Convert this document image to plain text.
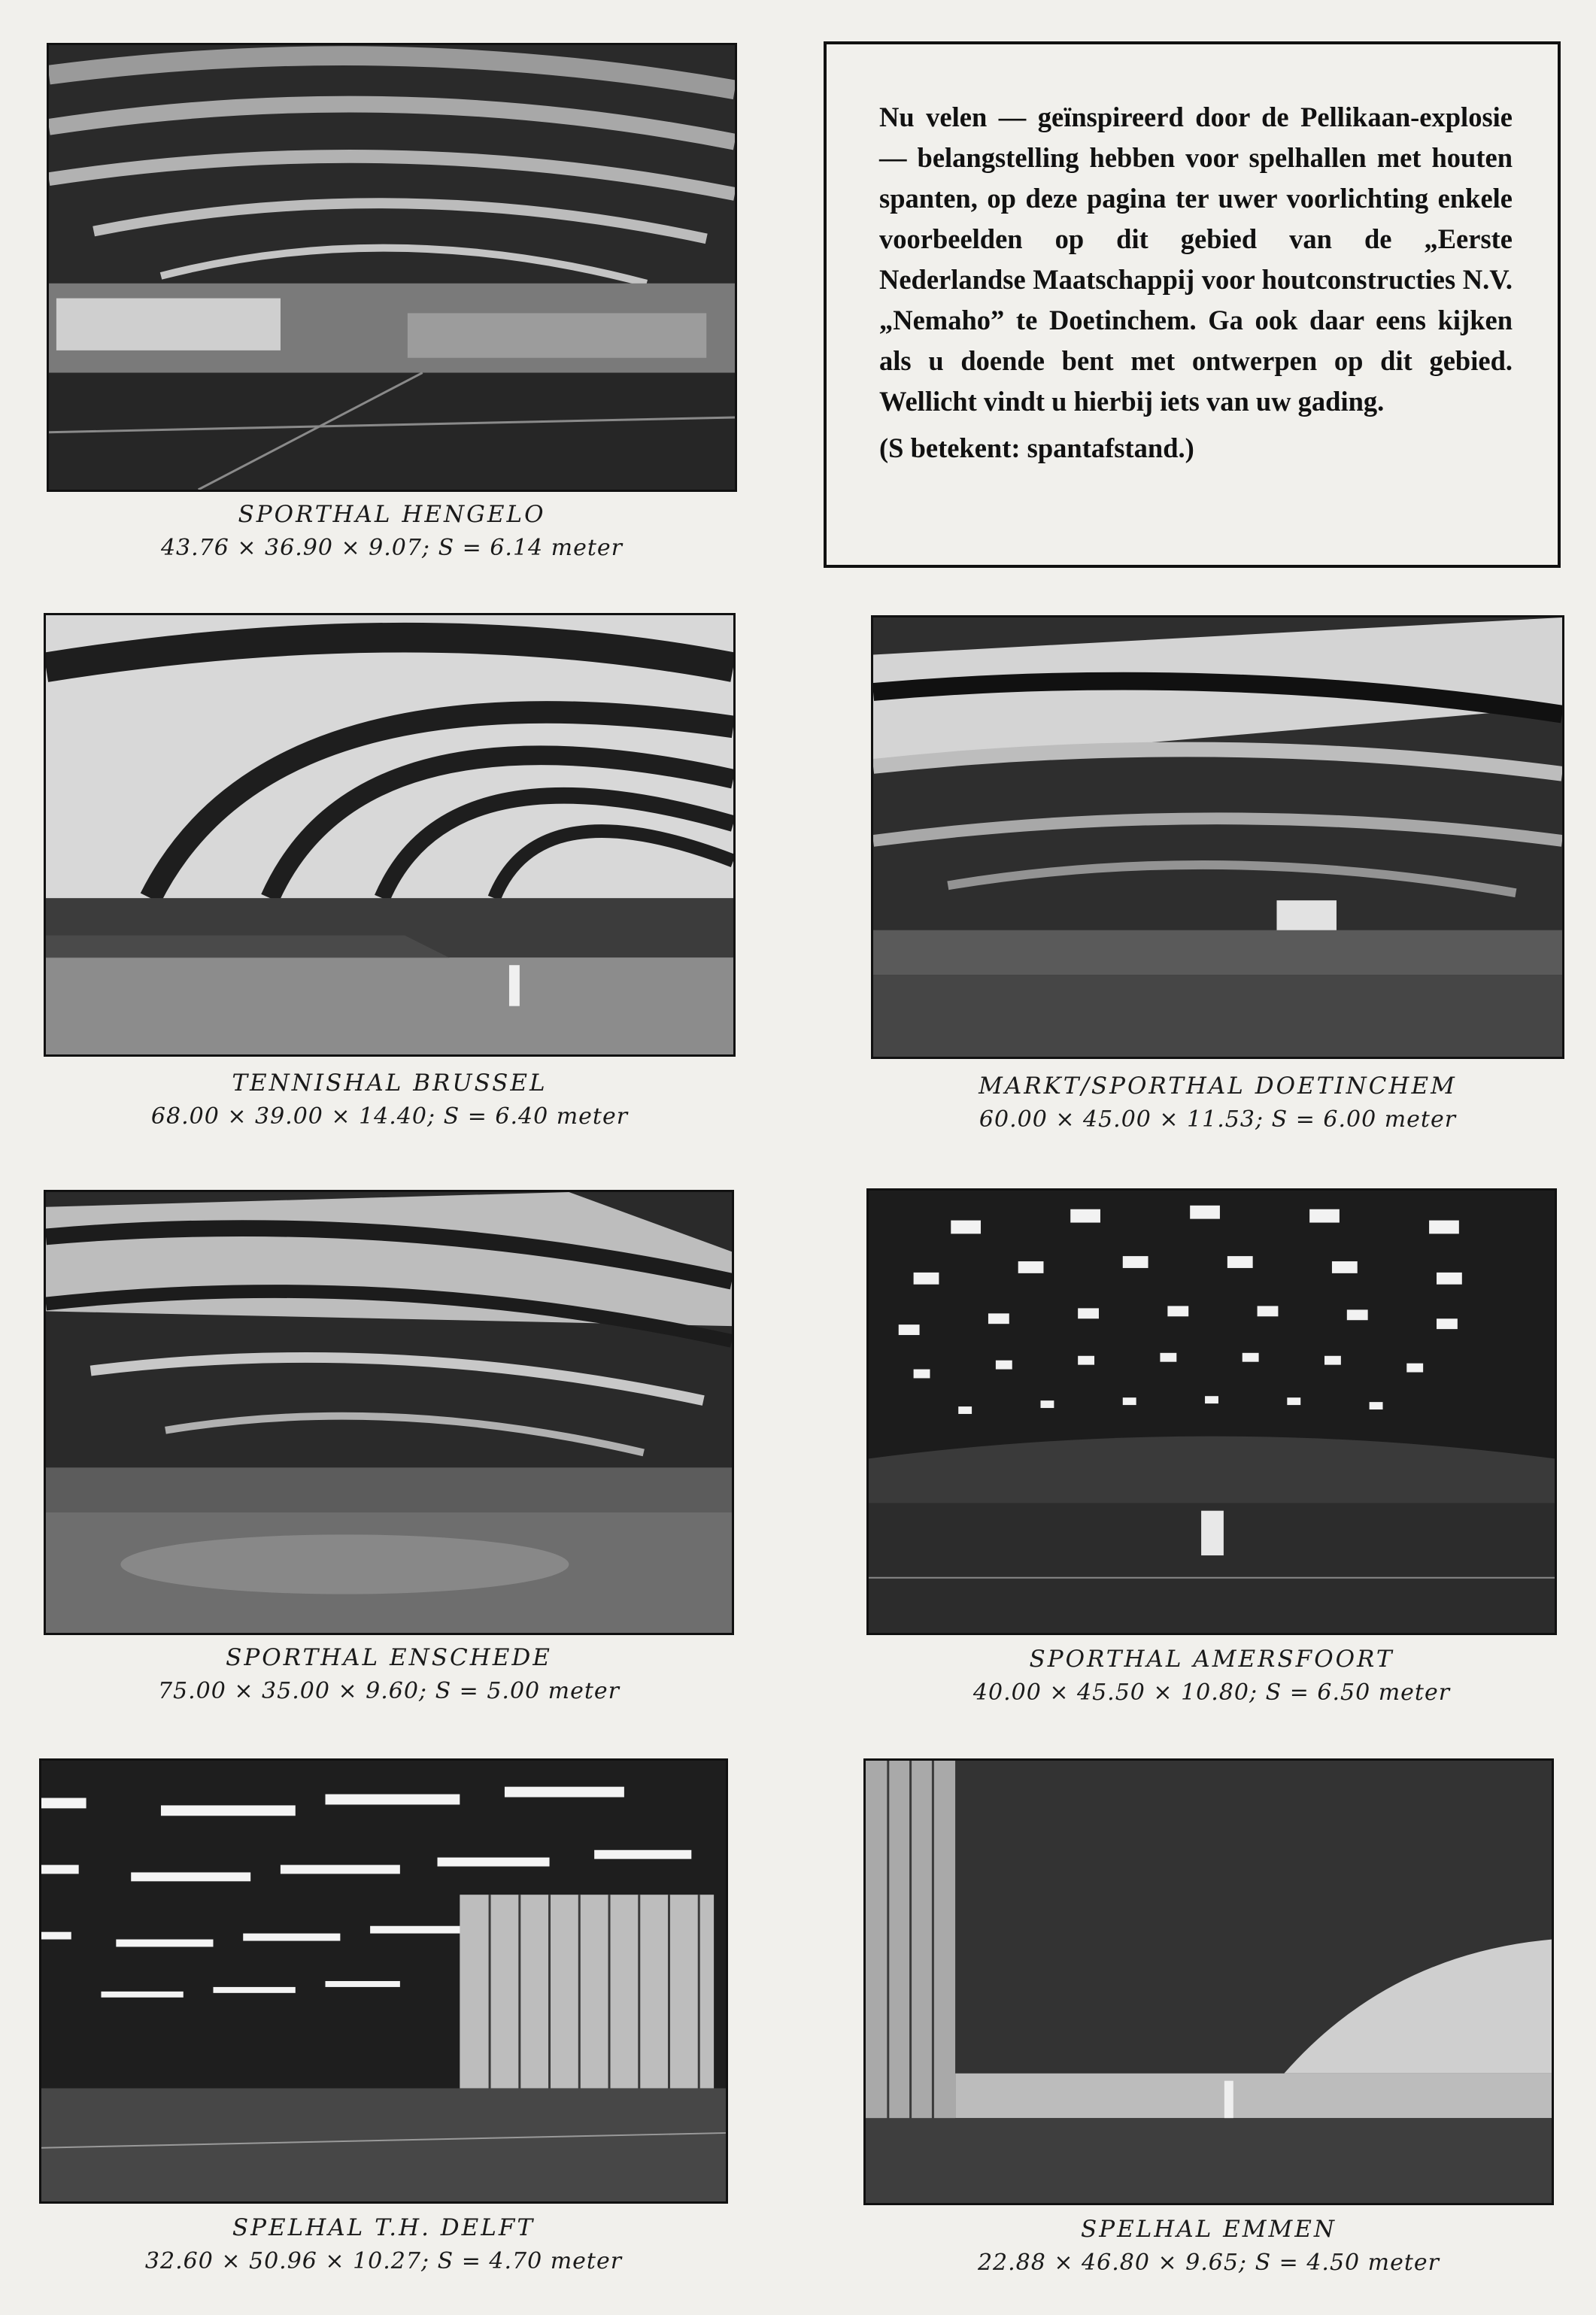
SPORTHAL HENGELO
43.76 × 36.90 × 9.07; S = 6.14 meter

Nu velen — geïnspireerd door de Pellikaan-explosie — belangstelling hebben voor spelhallen met houten spanten, op deze pagina ter uwer voorlichting enkele voorbeelden op dit gebied van de „Eerste Nederlandse Maatschappij voor houtconstructies N.V. „Nemaho” te Doetinchem. Ga ook daar eens kijken als u doende bent met ontwerpen op dit gebied. Wellicht vindt u hierbij iets van uw gading.

(S betekent: spantafstand.)

TENNISHAL BRUSSEL
68.00 × 39.00 × 14.40; S = 6.40 meter
MARKT/SPORTHAL DOETINCHEM
60.00 × 45.00 × 11.53; S = 6.00 meter
SPORTHAL ENSCHEDE
75.00 × 35.00 × 9.60; S = 5.00 meter
SPORTHAL AMERSFOORT
40.00 × 45.50 × 10.80; S = 6.50 meter
SPELHAL T.H. DELFT
32.60 × 50.96 × 10.27; S = 4.70 meter
SPELHAL EMMEN
22.88 × 46.80 × 9.65; S = 4.50 meter
